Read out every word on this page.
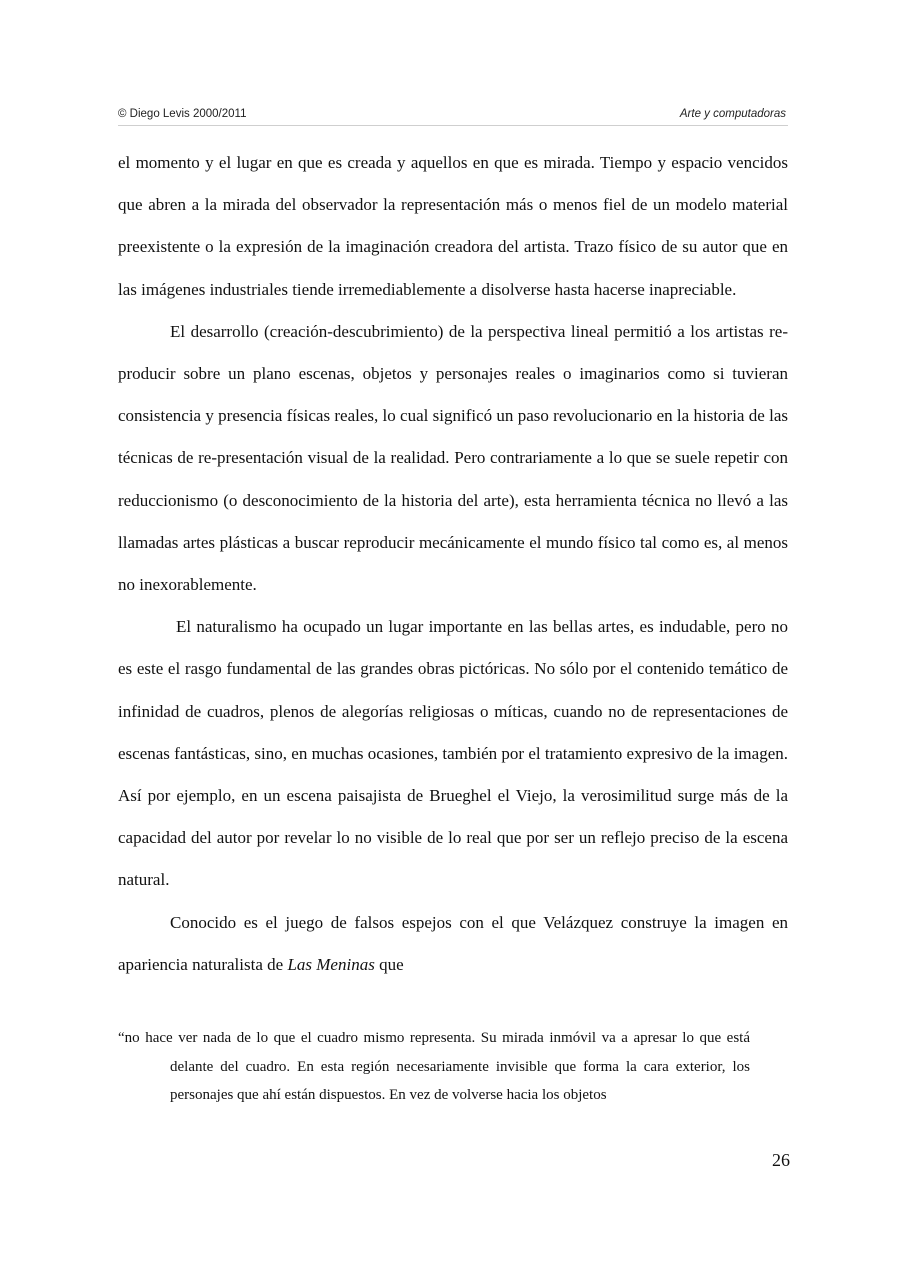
© Diego Levis 2000/2011	Arte y computadoras

el momento y el lugar en que es creada y aquellos en que es mirada. Tiempo y espacio vencidos que abren a la mirada del observador la representación más o menos fiel de un modelo material preexistente o la expresión de la imaginación creadora del artista. Trazo físico de su autor que en las imágenes industriales tiende irremediablemente a disolverse hasta hacerse inapreciable.

El desarrollo (creación-descubrimiento) de la perspectiva lineal permitió a los artistas re-producir sobre un plano escenas, objetos y personajes reales o imaginarios como si tuvieran consistencia y presencia físicas reales, lo cual significó un paso revolucionario en la historia de las técnicas de re-presentación visual de la realidad. Pero contrariamente a lo que se suele repetir con reduccionismo (o desconocimiento de la historia del arte), esta herramienta técnica no llevó a las llamadas artes plásticas a buscar reproducir mecánicamente el mundo físico tal como es, al menos no inexorablemente.

El naturalismo ha ocupado un lugar importante en las bellas artes, es indudable, pero no es este el rasgo fundamental de las grandes obras pictóricas. No sólo por el contenido temático de infinidad de cuadros, plenos de alegorías religiosas o míticas, cuando no de representaciones de escenas fantásticas, sino, en muchas ocasiones, también por el tratamiento expresivo de la imagen. Así por ejemplo, en un escena paisajista de Brueghel el Viejo, la verosimilitud surge más de la capacidad del autor por revelar lo no visible de lo real que por ser un reflejo preciso de la escena natural.

Conocido es el juego de falsos espejos con el que Velázquez construye la imagen en apariencia naturalista de Las Meninas que

“no hace ver nada de lo que el cuadro mismo representa. Su mirada inmóvil va a apresar lo que está delante del cuadro. En esta región necesariamente invisible que forma la cara exterior, los personajes que ahí están dispuestos. En vez de volverse hacia los objetos

26
